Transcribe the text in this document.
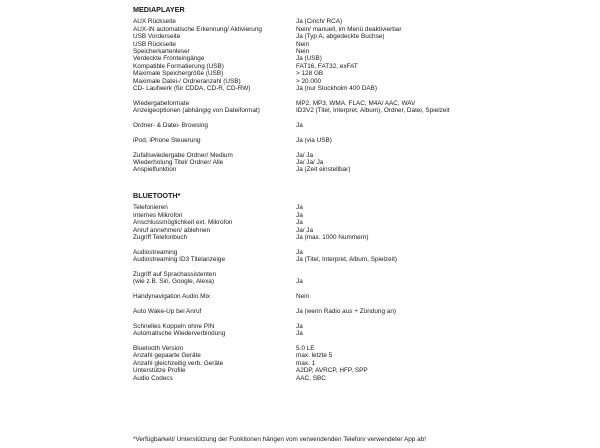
MEDIAPLAYER
AUX Rückseite	Ja (Cinch/ RCA)
AUX-IN automatische Erkennung/ Aktivierung	Nein/ manuell, im Menü deaktivierbar
USB Vorderseite	Ja (Typ A, abgedeckte Buchse)
USB Rückseite	Nein
Speicherkartenleser	Nein
Verdeckte Fronteingänge	Ja (USB)
Kompatible Formatierung (USB)	FAT16, FAT32, exFAT
Maximale Speichergröße (USB)	> 128 GB
Maximale Datei-/ Ordneranzahl (USB)	> 20.000
CD- Laufwerk (für CDDA, CD-R, CD-RW)	Ja (nur Stockholm 400 DAB)
Wiedergabeformate	MP2, MP3, WMA, FLAC, M4A/ AAC, WAV
Anzeigeoptionen (abhängig von Dateiformat)	ID3V2 (Titel, Interpret, Album), Ordner, Datei, Spielzeit
Ordner- & Datei- Browsing	Ja
iPod, iPhone Steuerung	Ja (via USB)
Zufallswiedergabe Ordner/ Medium	Ja/ Ja
Wiederholung Titel/ Ordner/ Alle	Ja/ Ja/ Ja
Anspielfunktion	Ja (Zeit einstellbar)
BLUETOOTH*
Telefonieren	Ja
Internes Mikrofon	Ja
Anschlussmöglichkeit ext. Mikrofon	Ja
Anruf annehmen/ ablehnen	Ja/ Ja
Zugriff Telefonbuch	Ja (max. 1000 Nummern)
Audiostreaming	Ja
Audiostreaming ID3 Titelanzeige	Ja (Titel, Interpret, Album, Spielzeit)
Zugriff auf Sprachassistenten
(wie z.B. Siri, Google, Alexa)	Ja
Handynavigation Audio Mix	Nein
Auto Wake-Up bei Anruf	Ja (wenn Radio aus + Zündung an)
Schnelles Koppeln ohne PIN	Ja
Automatische Wiederverbindung	Ja
Bluetooth Version	5.0 LE
Anzahl gepaarte Geräte	max. letzte 5
Anzahl gleichzeitig verb. Geräte	max. 1
Unterstütze Profile	A2DP, AVRCP, HFP, SPP
Audio Codecs	AAC, SBC
*Verfügbarkeit/ Unterstützung der Funktionen hängen vom verwendenden Telefon/ verwendeter App ab!
